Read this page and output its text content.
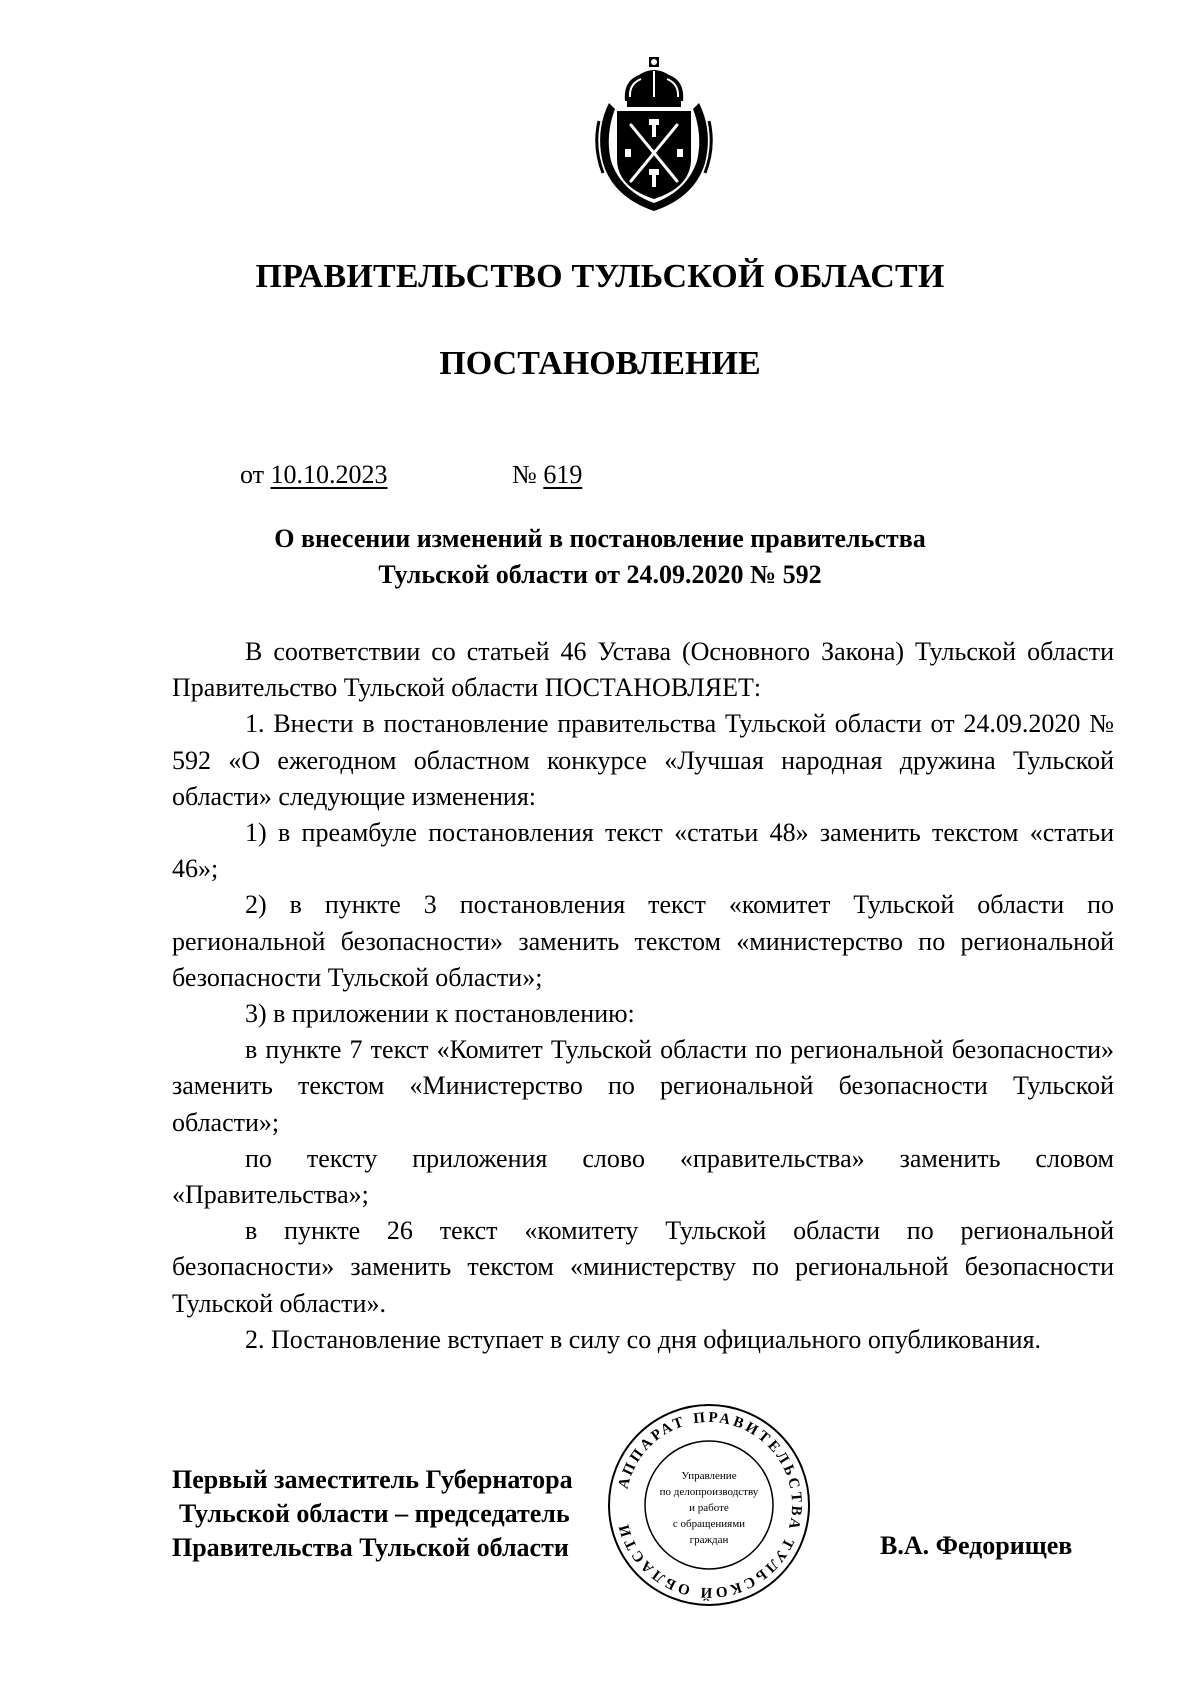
ПРАВИТЕЛЬСТВО ТУЛЬСКОЙ ОБЛАСТИ
ПОСТАНОВЛЕНИЕ
от 10.10.2023	№ 619
О внесении изменений в постановление правительства
Тульской области от 24.09.2020 № 592

В соответствии со статьей 46 Устава (Основного Закона) Тульской области Правительство Тульской области ПОСТАНОВЛЯЕТ:

1. Внести в постановление правительства Тульской области от 24.09.2020 № 592 «О ежегодном областном конкурсе «Лучшая народная дружина Тульской области» следующие изменения:

1) в преамбуле постановления текст «статьи 48» заменить текстом «статьи 46»;

2) в пункте 3 постановления текст «комитет Тульской области по региональной безопасности» заменить текстом «министерство по региональной безопасности Тульской области»;

3) в приложении к постановлению:

в пункте 7 текст «Комитет Тульской области по региональной безопасности» заменить текстом «Министерство по региональной безопасности Тульской области»;

по тексту приложения слово «правительства» заменить словом «Правительства»;

в пункте 26 текст «комитету Тульской области по региональной безопасности» заменить текстом «министерству по региональной безопасности Тульской области».

2. Постановление вступает в силу со дня официального опубликования.

Первый заместитель Губернатора
Тульской области – председатель
Правительства Тульской области
АППАРАТ ПРАВИТЕЛЬСТВА ТУЛЬСКОЙ ОБЛАСТИ
Управление
по делопроизводству
и работе
с обращениями
граждан	В.А. Федорищев
